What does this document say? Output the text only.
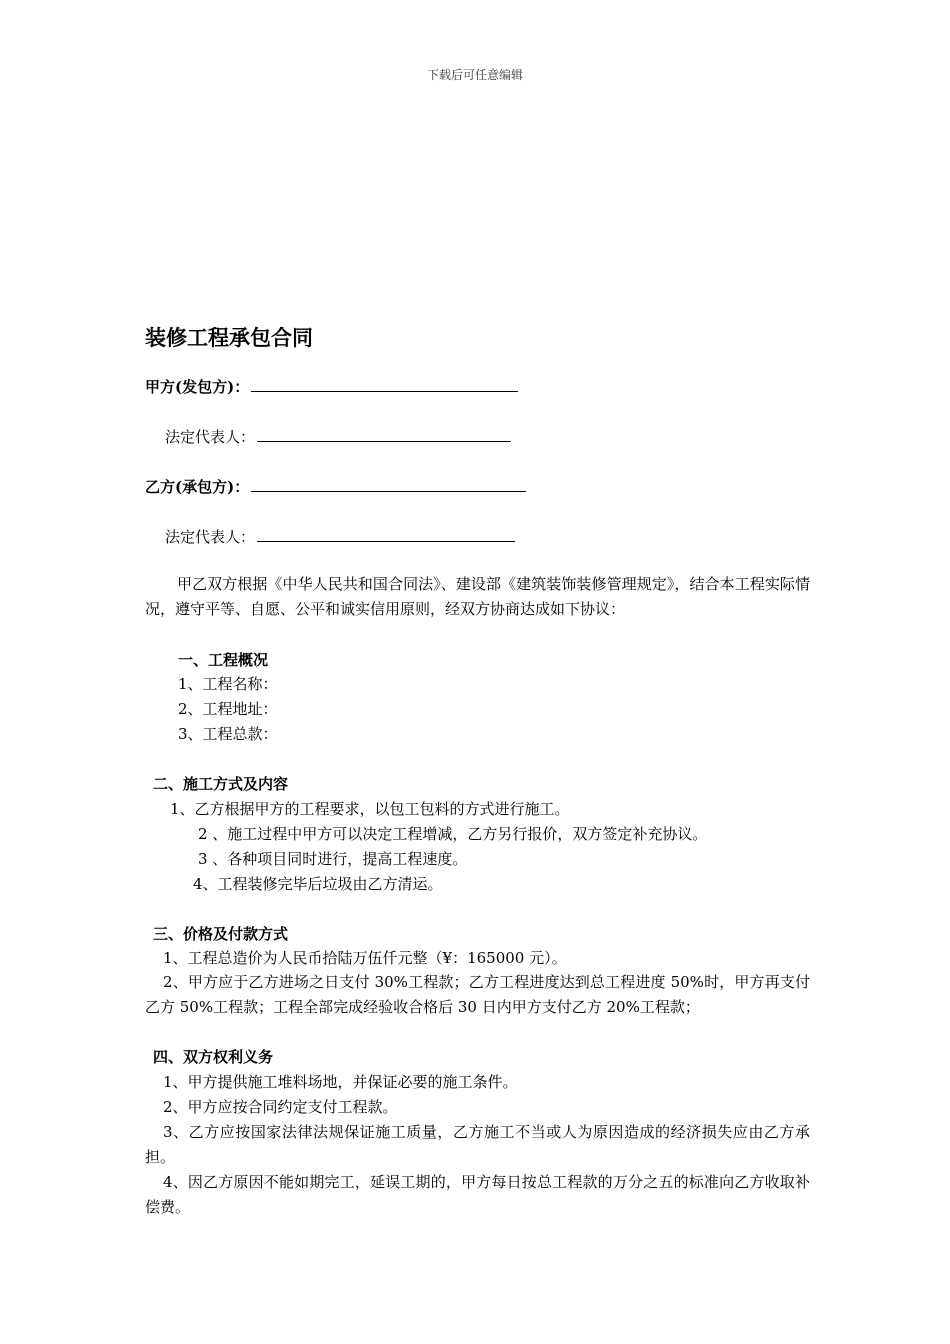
下载后可任意编辑
装修工程承包合同
甲方(发包方)：
法定代表人：
乙方(承包方)：
法定代表人：
甲乙双方根据《中华人民共和国合同法》、建设部《建筑装饰装修管理规定》，结合本工程实际情况，遵守平等、自愿、公平和诚实信用原则，经双方协商达成如下协议：
一、工程概况
1、工程名称：
2、工程地址：
3、工程总款：
二、施工方式及内容
1、乙方根据甲方的工程要求，以包工包料的方式进行施工。
2 、施工过程中甲方可以决定工程增减，乙方另行报价，双方签定补充协议。
3 、各种项目同时进行，提高工程速度。
4、工程装修完毕后垃圾由乙方清运。
三、价格及付款方式
1、工程总造价为人民币拾陆万伍仟元整（¥：165000 元）。
2、甲方应于乙方进场之日支付 30%工程款；乙方工程进度达到总工程进度 50%时，甲方再支付乙方 50%工程款；工程全部完成经验收合格后 30 日内甲方支付乙方 20%工程款；
四、双方权利义务
1、甲方提供施工堆料场地，并保证必要的施工条件。
2、甲方应按合同约定支付工程款。
3、乙方应按国家法律法规保证施工质量，乙方施工不当或人为原因造成的经济损失应由乙方承担。
4、因乙方原因不能如期完工，延误工期的，甲方每日按总工程款的万分之五的标准向乙方收取补偿费。
